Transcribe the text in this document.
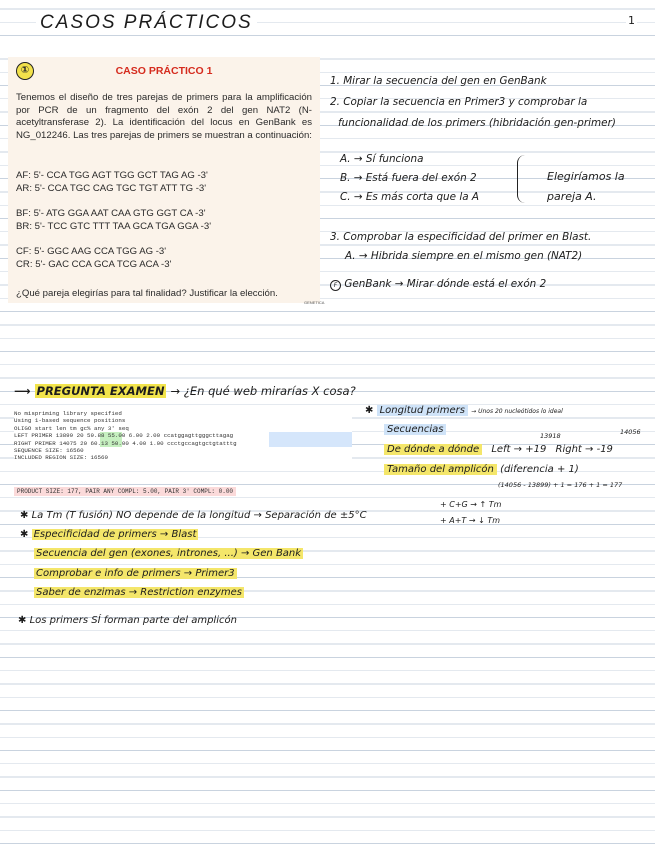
CASOS PRÁCTICOS	1
①	CASO PRÁCTICO 1
Tenemos el diseño de tres parejas de primers para la amplificación por PCR de un fragmento del exón 2 del gen NAT2 (N-acetyltransferase 2). La identificación del locus en GenBank es NG_012246. Las tres parejas de primers se muestran a continuación:
AF: 5'- CCA TGG AGT TGG GCT TAG AG -3'
AR: 5'- CCA TGC CAG TGC TGT ATT TG -3'
BF: 5'- ATG GGA AAT CAA GTG GGT CA -3'
BR: 5'- TCC GTC TTT TAA GCA TGA GGA -3'
CF: 5'- GGC AAG CCA TGG AG -3'
CR: 5'- GAC CCA GCA TCG ACA -3'
¿Qué pareja elegirías para tal finalidad? Justificar la elección.
GENETICA
1. Mirar la secuencia del gen en GenBank
2. Copiar la secuencia en Primer3 y comprobar la
funcionalidad de los primers (hibridación gen-primer)
A. → Sí funciona
B. → Está fuera del exón 2
C. → Es más corta que la A
Elegiríamos la
pareja A.
3. Comprobar la especificidad del primer en Blast.
A. → Hibrida siempre en el mismo gen (NAT2)
F GenBank → Mirar dónde está el exón 2
⟶ PREGUNTA EXAMEN → ¿En qué web mirarías X cosa?
No mispriming library specified
Using 1-based sequence positions
OLIGO start len tm gc% any 3' seq
LEFT PRIMER 13899 20 59.88 55.00 6.00 2.00 ccatggagttgggcttagag
RIGHT PRIMER 14075 20 60.13 50.00 4.00 1.00 ccctgccagtgctgtatttg
SEQUENCE SIZE: 16560
INCLUDED REGION SIZE: 16560
PRODUCT SIZE: 177, PAIR ANY COMPL: 5.00, PAIR 3' COMPL: 0.00
✱ Longitud primers → Unos 20 nucleótidos lo ideal
Secuencias
13918	14056
De dónde a dónde Left → +19 Right → -19
Tamaño del amplicón (diferencia + 1)
(14056 - 13899) + 1 = 176 + 1 = 177
✱ La Tm (T fusión) NO depende de la longitud → Separación de ±5°C
+ C+G → ↑ Tm
+ A+T → ↓ Tm
✱ Especificidad de primers → Blast
Secuencia del gen (exones, intrones, ...) → Gen Bank
Comprobar e info de primers → Primer3
Saber de enzimas → Restriction enzymes
✱ Los primers SÍ forman parte del amplicón
